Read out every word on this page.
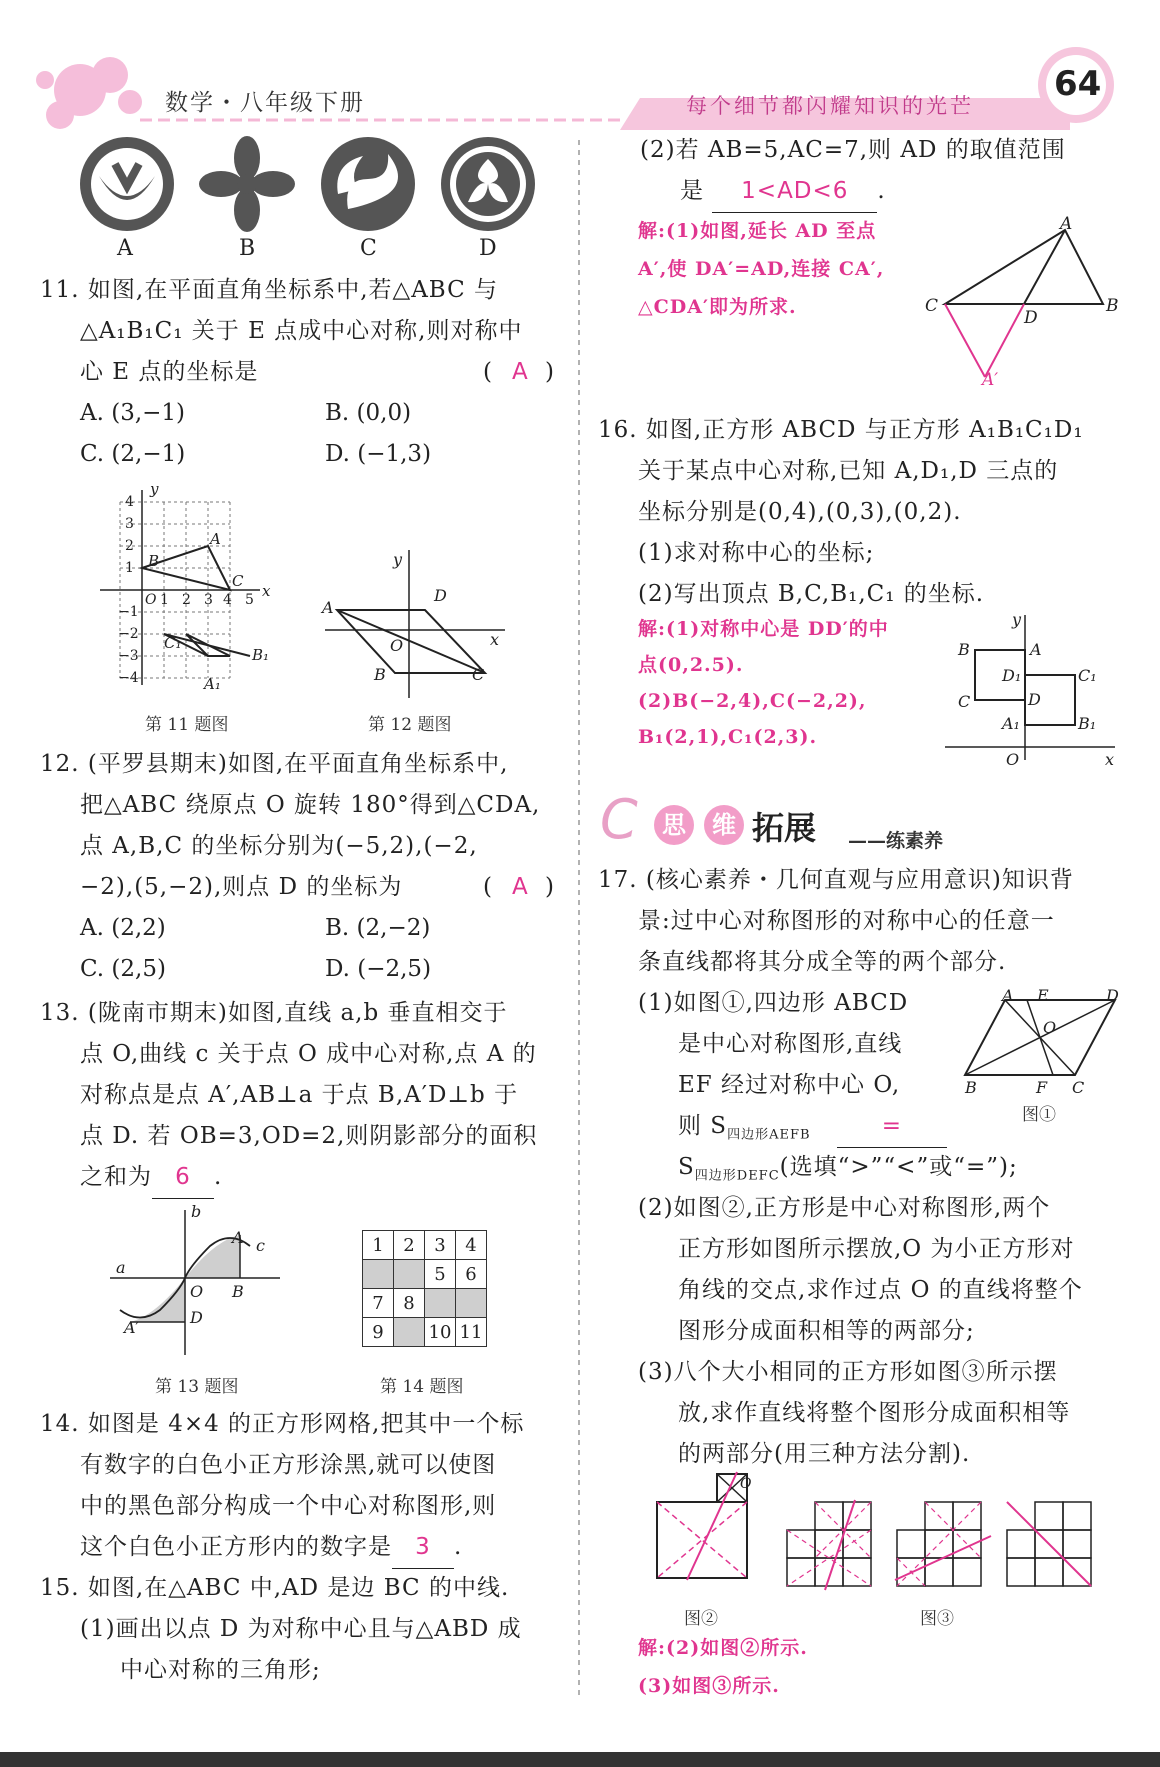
数学・八年级下册	每个细节都闪耀知识的光芒
64
A	B	C	D
11. 如图,在平面直角坐标系中,若△ABC 与
△A₁B₁C₁ 关于 E 点成中心对称,则对称中
心 E 点的坐标是	( A )
A. (3,−1)	B. (0,0)
C. (2,−1)	D. (−1,3)
y
x
A
B
C
C₁
A₁
B₁
O 1 2 3 4 5
4
3
2
1
−1
−2
−3
−4
第 11 题图
y
x
A
B	C
D
O
第 12 题图
12. (平罗县期末)如图,在平面直角坐标系中,
把△ABC 绕原点 O 旋转 180°得到△CDA,
点 A,B,C 的坐标分别为(−5,2),(−2,
−2),(5,−2),则点 D 的坐标为	( A )
A. (2,2)	B. (2,−2)
C. (2,5)	D. (−2,5)
13. (陇南市期末)如图,直线 a,b 垂直相交于
点 O,曲线 c 关于点 O 成中心对称,点 A 的
对称点是点 A′,AB⊥a 于点 B,A′D⊥b 于
点 D. 若 OB=3,OD=2,则阴影部分的面积
之和为 6 .
b
a
c
A
B
O
D
A′
第 13 题图
1	2	3	4
		5	6
7	8		
9		10	11
第 14 题图
14. 如图是 4×4 的正方形网格,把其中一个标
有数字的白色小正方形涂黑,就可以使图
中的黑色部分构成一个中心对称图形,则
这个白色小正方形内的数字是 3 .
15. 如图,在△ABC 中,AD 是边 BC 的中线.
(1)画出以点 D 为对称中心且与△ABD 成
中心对称的三角形;
(2)若 AB=5,AC=7,则 AD 的取值范围
是 1<AD<6 .
解:(1)如图,延长 AD 至点
A′,使 DA′=AD,连接 CA′,
△CDA′即为所求.
A
C	B
D
A′
16. 如图,正方形 ABCD 与正方形 A₁B₁C₁D₁
关于某点中心对称,已知 A,D₁,D 三点的
坐标分别是(0,4),(0,3),(0,2).
(1)求对称中心的坐标;
(2)写出顶点 B,C,B₁,C₁ 的坐标.
解:(1)对称中心是 DD′的中
点(0,2.5).
(2)B(−2,4),C(−2,2),
B₁(2,1),C₁(2,3).
y
x
B	A
D₁	C₁
C	D
A₁	B₁
O
C	思	维 拓展 ——练素养
17. (核心素养・几何直观与应用意识)知识背
景:过中心对称图形的对称中心的任意一
条直线都将其分成全等的两个部分.
(1)如图①,四边形 ABCD
是中心对称图形,直线
EF 经过对称中心 O,
则 $S_{四边形AEFB}$	=
$S_{四边形DEFC}$(选填“>”“<”或“=”);
A E	D
O
B	F C
图①
(2)如图②,正方形是中心对称图形,两个
正方形如图所示摆放,O 为小正方形对
角线的交点,求作过点 O 的直线将整个
图形分成面积相等的两部分;
(3)八个大小相同的正方形如图③所示摆
放,求作直线将整个图形分成面积相等
的两部分(用三种方法分割).
O
图②	图③
解:(2)如图②所示.
(3)如图③所示.
